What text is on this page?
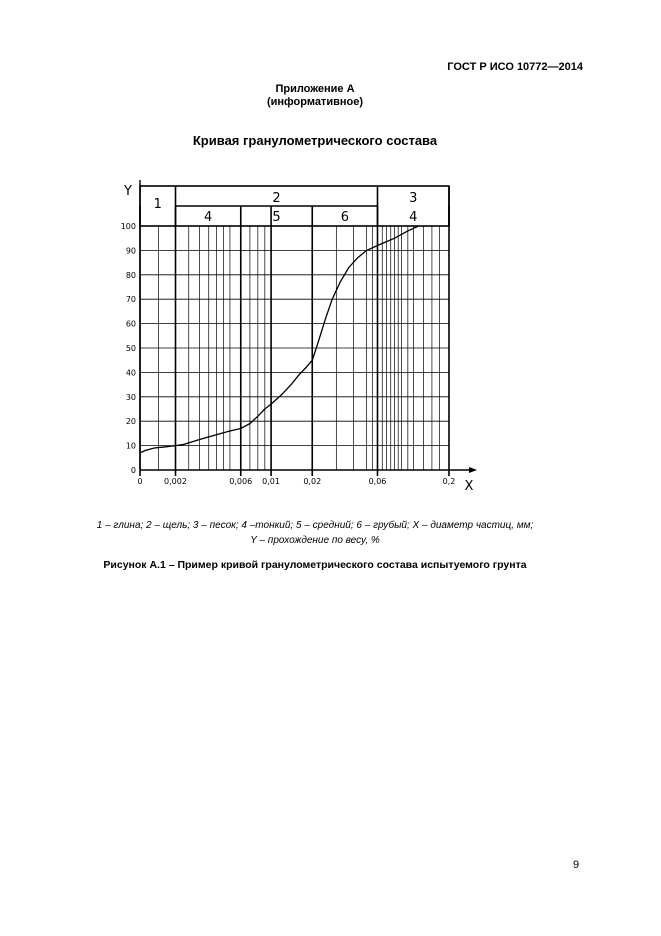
ГОСТ Р ИСО 10772—2014
Приложение А
(информативное)
Кривая гранулометрического состава
0
10
20
30
40
50
60
70
80
90
100
0	0,002	0,006 0,01	0,02	0,06	0,2 X
Y
1	2	3
4	5	6	4
1 – глина; 2 – щель; 3 – песок; 4 –тонкий; 5 – средний; 6 – грубый; X – диаметр частиц, мм;
Y – прохождение по весу, %
Рисунок А.1 – Пример кривой гранулометрического состава испытуемого грунта
9
